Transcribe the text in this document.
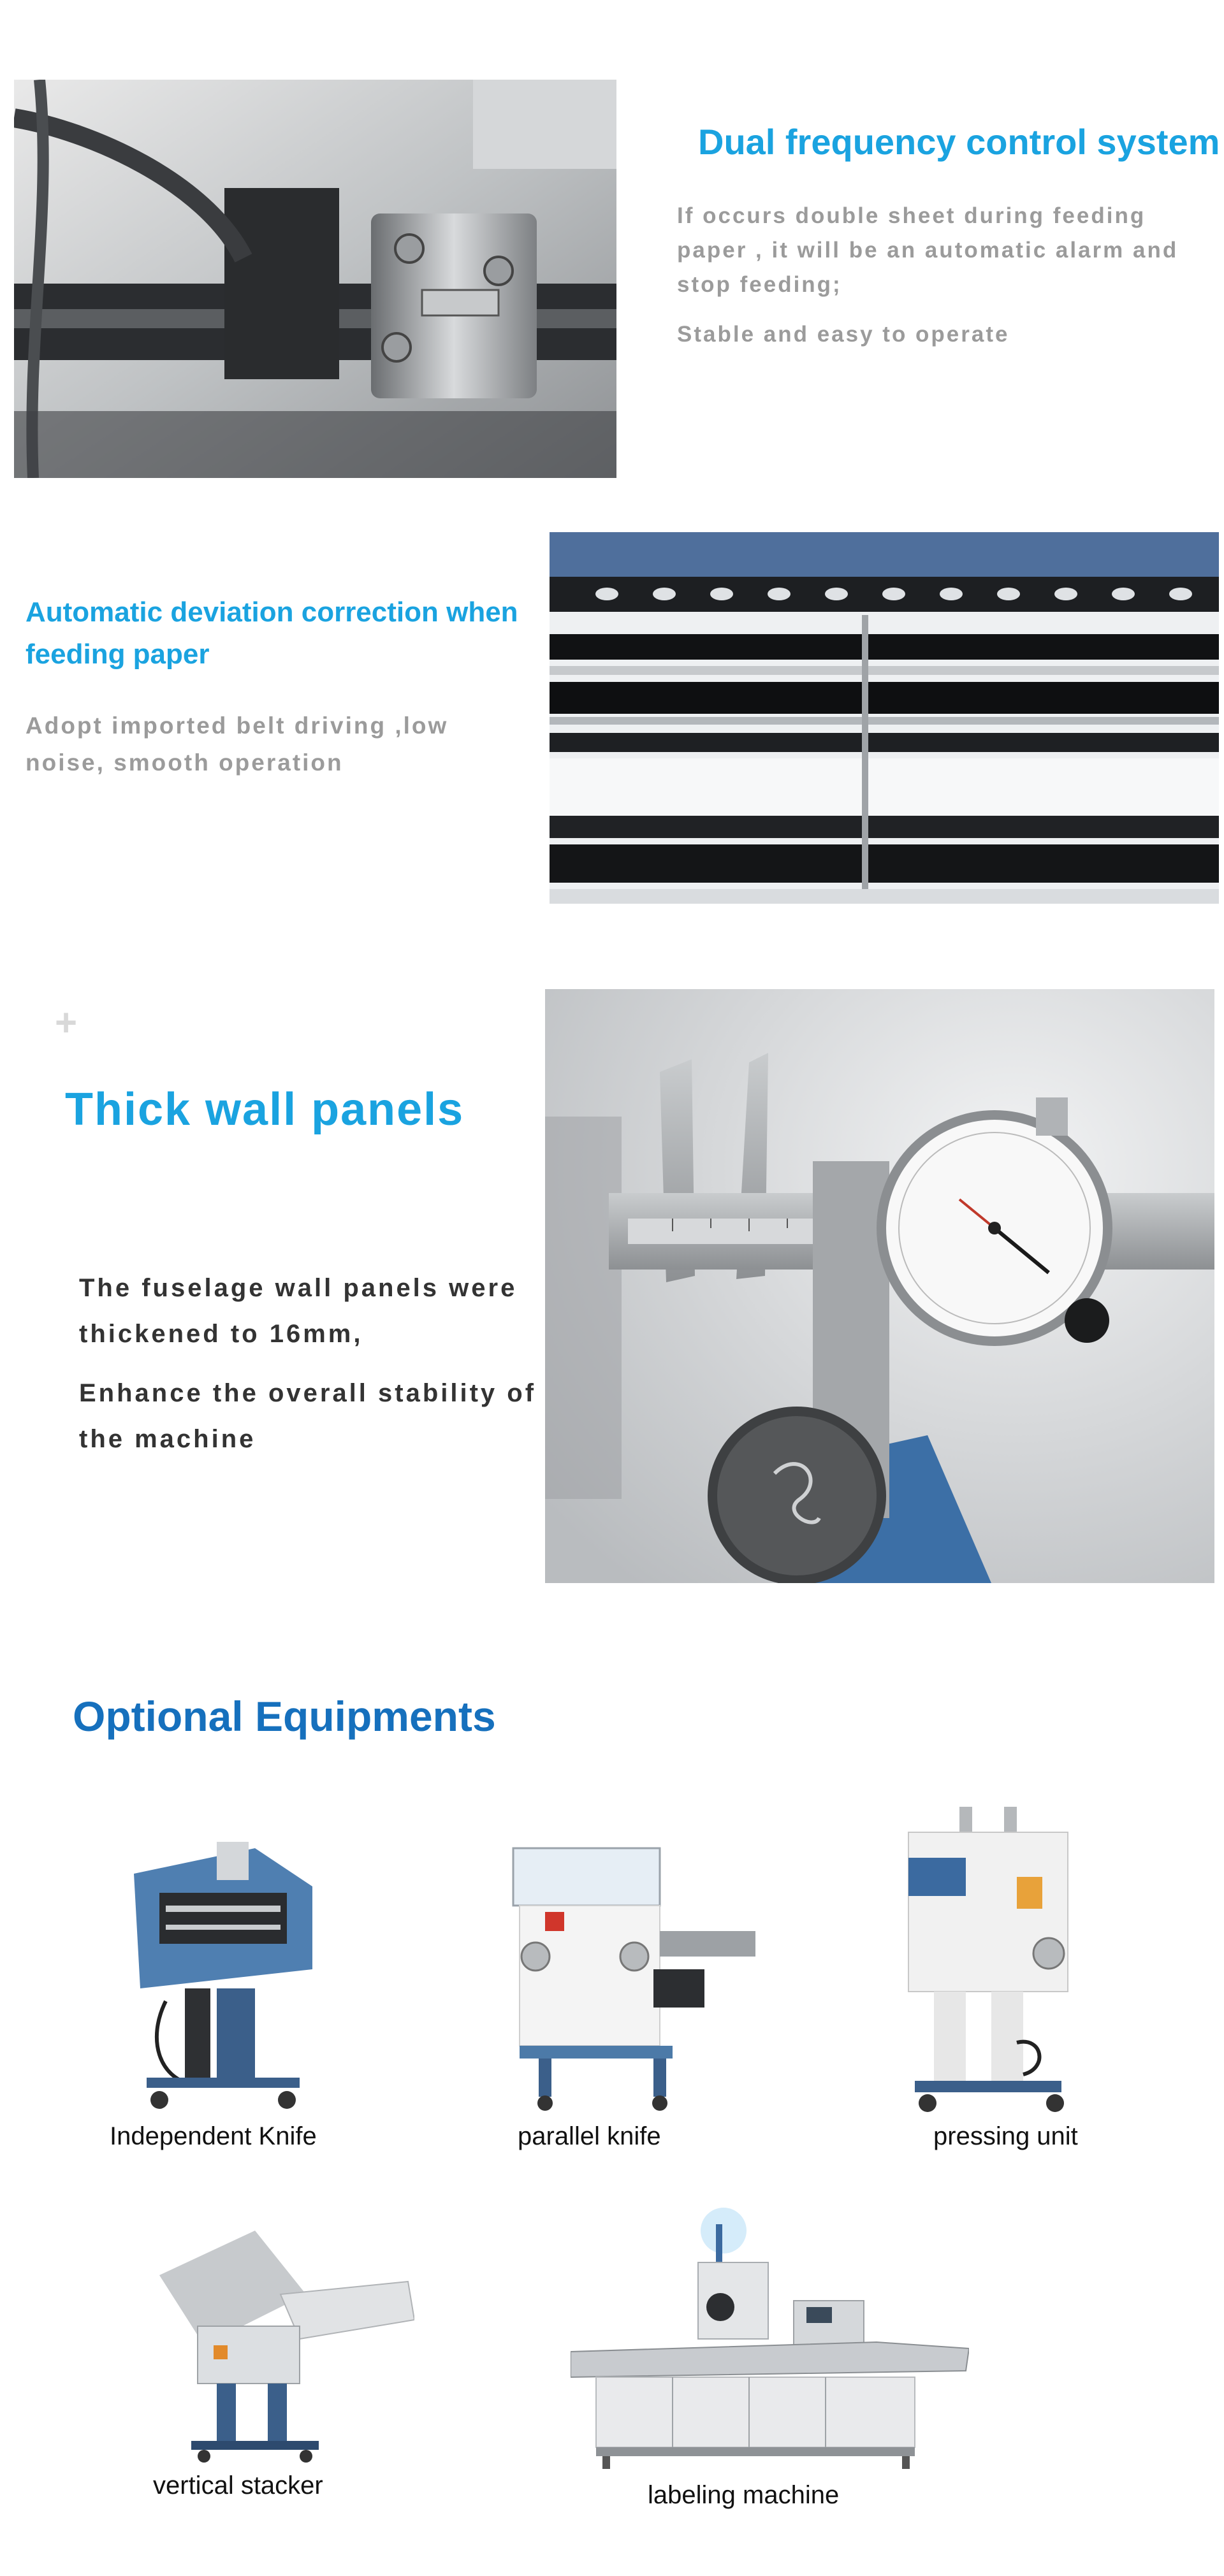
Dual frequency control system
If occurs double sheet during feeding paper , it will be an automatic alarm and stop feeding;
Stable and easy to operate
Automatic deviation correction when feeding paper
Adopt imported belt driving ,low noise, smooth operation
+
Thick wall panels
The fuselage wall panels were thickened to 16mm,
Enhance the overall stability of the machine
Optional Equipments
Independent Knife	parallel knife	pressing unit
vertical stacker	labeling machine
